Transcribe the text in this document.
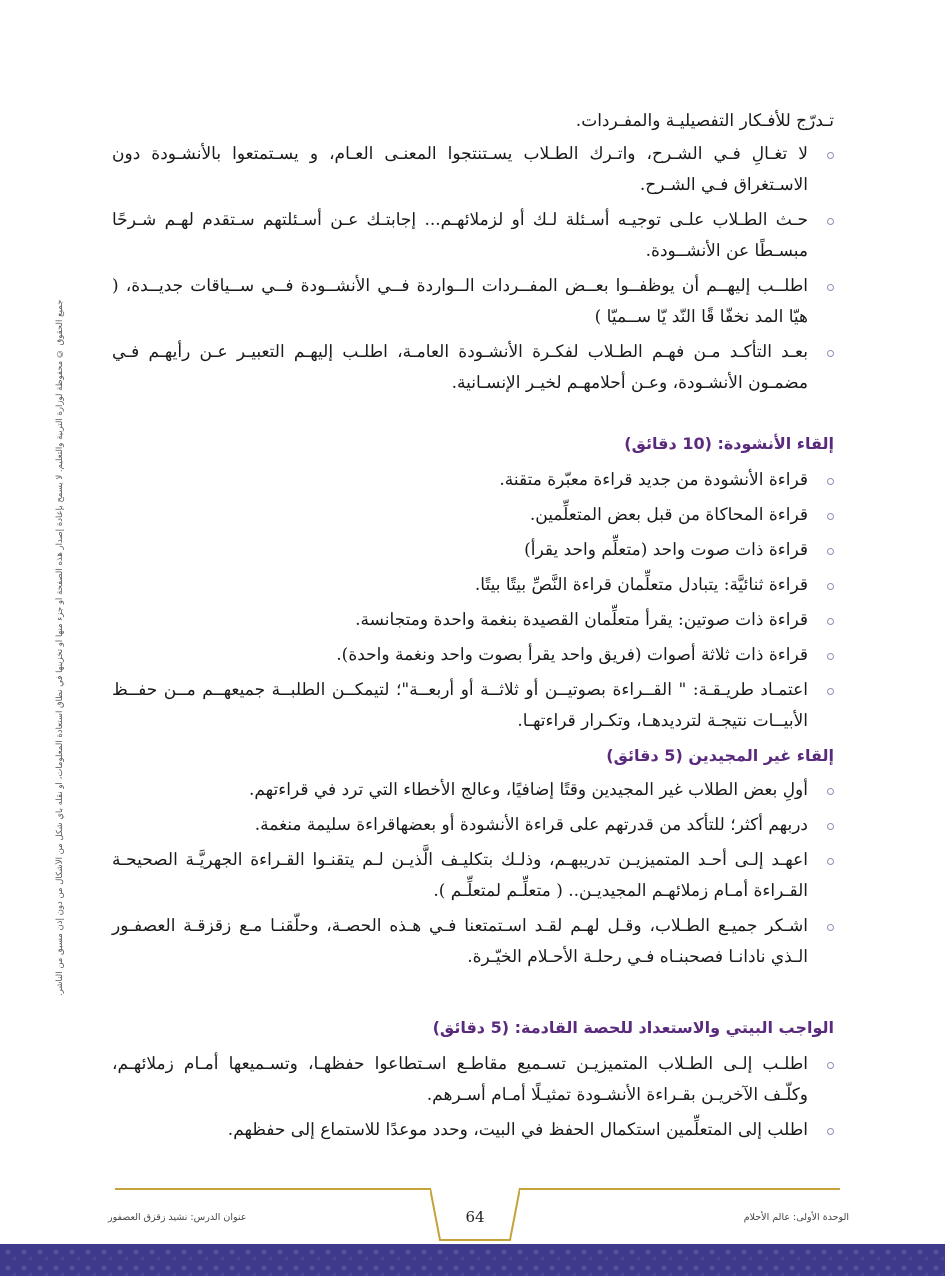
جميع الحقوق © محفوظة لوزارة التربية والتعليم. لا يسمح بإعادة إصدار هذه الصفحة أو جزء منها أو تخزينها في نطاق استعادة المعلومات، أو نقله بأي شكل من الأشكال من دون إذن مسبق من الناشر.

تـدرّج للأفـكار التفصيليـة والمفـردات.

لا تغـالِ فـي الشـرح، واتـرك الطـلاب يسـتنتجوا المعنـى العـام، و يسـتمتعوا بالأنشـودة دون الاسـتغراق فـي الشـرح.
حـث الطـلاب علـى توجيـه أسـئلة لـك أو لزملائهـم... إجابتـك عـن أسـئلتهم سـتقدم لهـم شـرحًا مبسـطًا عن الأنشــودة.
اطلــب إليهــم أن يوظفــوا بعــض المفــردات الــواردة فــي الأنشــودة فــي ســياقات جديــدة، ( هيّا المد نخفّا قًا النّد يّا ســميّا )
بعـد التأكـد مـن فهـم الطـلاب لفكـرة الأنشـودة العامـة، اطلـب إليهـم التعبيـر عـن رأيهـم فـي مضمـون الأنشـودة، وعـن أحلامهـم لخيـر الإنسـانية.
إلقاء الأنشودة: (10 دقائق)
قراءة الأنشودة من جديد قراءة معبّرة متقنة.
قراءة المحاكاة من قبل بعض المتعلِّمين.
قراءة ذات صوت واحد (متعلِّم واحد يقرأ)
قراءة ثنائيَّة: يتبادل متعلِّمان قراءة النَّصِّ بيتًا بيتًا.
قراءة ذات صوتين: يقرأ متعلِّمان القصيدة بنغمة واحدة ومتجانسة.
قراءة ذات ثلاثة أصوات (فريق واحد يقرأ بصوت واحد ونغمة واحدة).
اعتمـاد طريـقـة: " القــراءة بصوتيــن أو ثلاثــة أو أربعــة"؛ لتيمكــن الطلبــة جميعهــم مــن حفــظ الأبيــات نتيجـة لترديدهـا، وتكـرار قراءتهـا.
إلقاء غير المجيدين (5 دقائق)
أولِ بعض الطلاب غير المجيدين وقتًا إضافيًا، وعالج الأخطاء التي ترد في قراءتهم.
دربهم أكثر؛ للتأكد من قدرتهم على قراءة الأنشودة أو بعضهاقراءة سليمة منغمة.
اعهـد إلـى أحـد المتميزيـن تدريبهـم، وذلـك بتكليـف الَّذيـن لـم يتقنـوا القـراءة الجهريَّـة الصحيحـة القـراءة أمـام زملائهـم المجيديـن.. ( متعلِّـم لمتعلِّـم ).
اشـكر جميـع الطـلاب، وقـل لهـم لقـد اسـتمتعنا فـي هـذه الحصـة، وحلّقنـا مـع زقزقـة العصفـور الـذي نادانـا فصحبنـاه فـي رحلـة الأحـلام الخيّـرة.
الواجب البيتي والاستعداد للحصة القادمة: (5 دقائق)
اطلـب إلـى الطـلاب المتميزيـن تسـميع مقاطـع اسـتطاعوا حفظهـا، وتسـميعها أمـام زملائهـم، وكلّـف الآخريـن بقـراءة الأنشـودة تمثيـلًا أمـام أسـرهم.
اطلب إلى المتعلِّمين استكمال الحفظ في البيت، وحدد موعدًا للاستماع إلى حفظهم.
64
عنوان الدرس: نشيد زقزق العصفور	الوحدة الأولى: عالم الأحلام
